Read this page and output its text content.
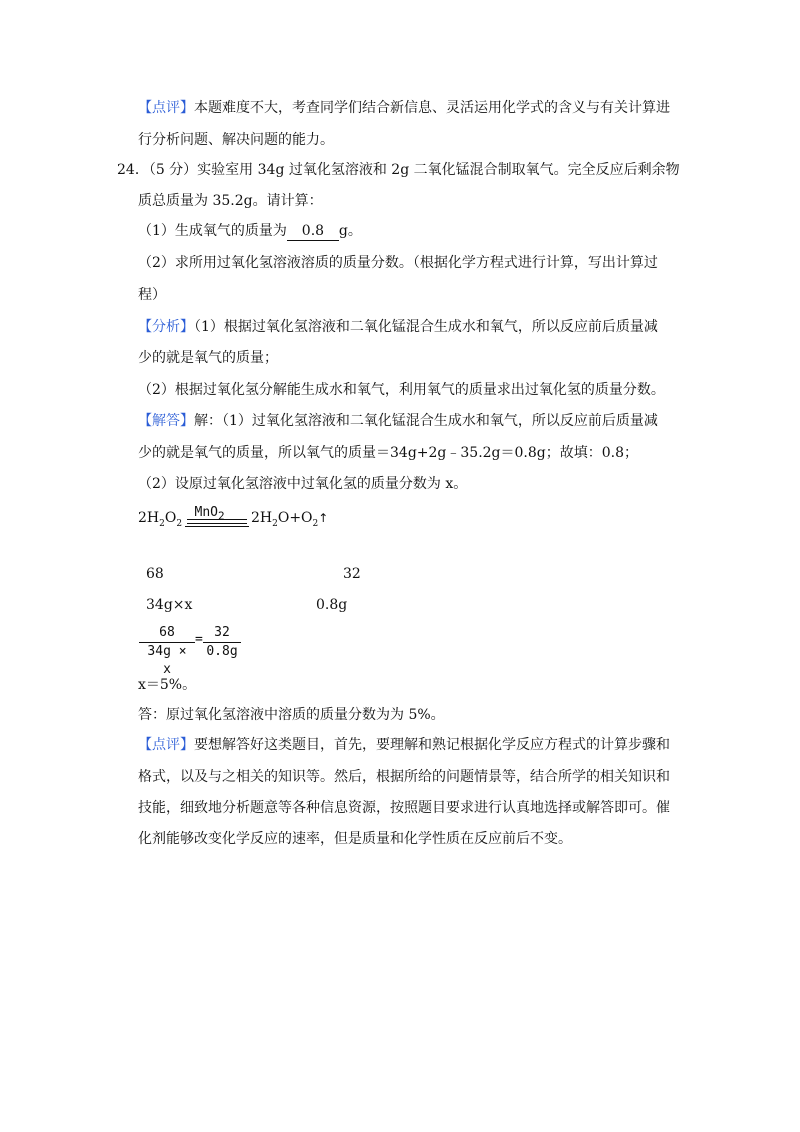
【点评】本题难度不大，考查同学们结合新信息、灵活运用化学式的含义与有关计算进
行分析问题、解决问题的能力。
24．（5 分）实验室用 34g 过氧化氢溶液和 2g 二氧化锰混合制取氧气。完全反应后剩余物
质总质量为 35.2g。请计算：
（1）生成氧气的质量为 0.8 g。
（2）求所用过氧化氢溶液溶质的质量分数。（根据化学方程式进行计算，写出计算过
程）
【分析】（1）根据过氧化氢溶液和二氧化锰混合生成水和氧气，所以反应前后质量减
少的就是氧气的质量；
（2）根据过氧化氢分解能生成水和氧气，利用氧气的质量求出过氧化氢的质量分数。
【解答】解：（1）过氧化氢溶液和二氧化锰混合生成水和氧气，所以反应前后质量减
少的就是氧气的质量，所以氧气的质量＝34g+2g﹣35.2g＝0.8g；故填：0.8；
（2）设原过氧化氢溶液中过氧化氢的质量分数为 x。
$2H_2O_2$
MnO$_2$ $2H_2O+O_2↑$
68	32
34g×x	0.8g
$\frac{68}{34g \times x} = \frac{32}{0.8g}$
x＝5%。
答：原过氧化氢溶液中溶质的质量分数为为 5%。
【点评】要想解答好这类题目，首先，要理解和熟记根据化学反应方程式的计算步骤和
格式，以及与之相关的知识等。然后，根据所给的问题情景等，结合所学的相关知识和
技能，细致地分析题意等各种信息资源，按照题目要求进行认真地选择或解答即可。催
化剂能够改变化学反应的速率，但是质量和化学性质在反应前后不变。
